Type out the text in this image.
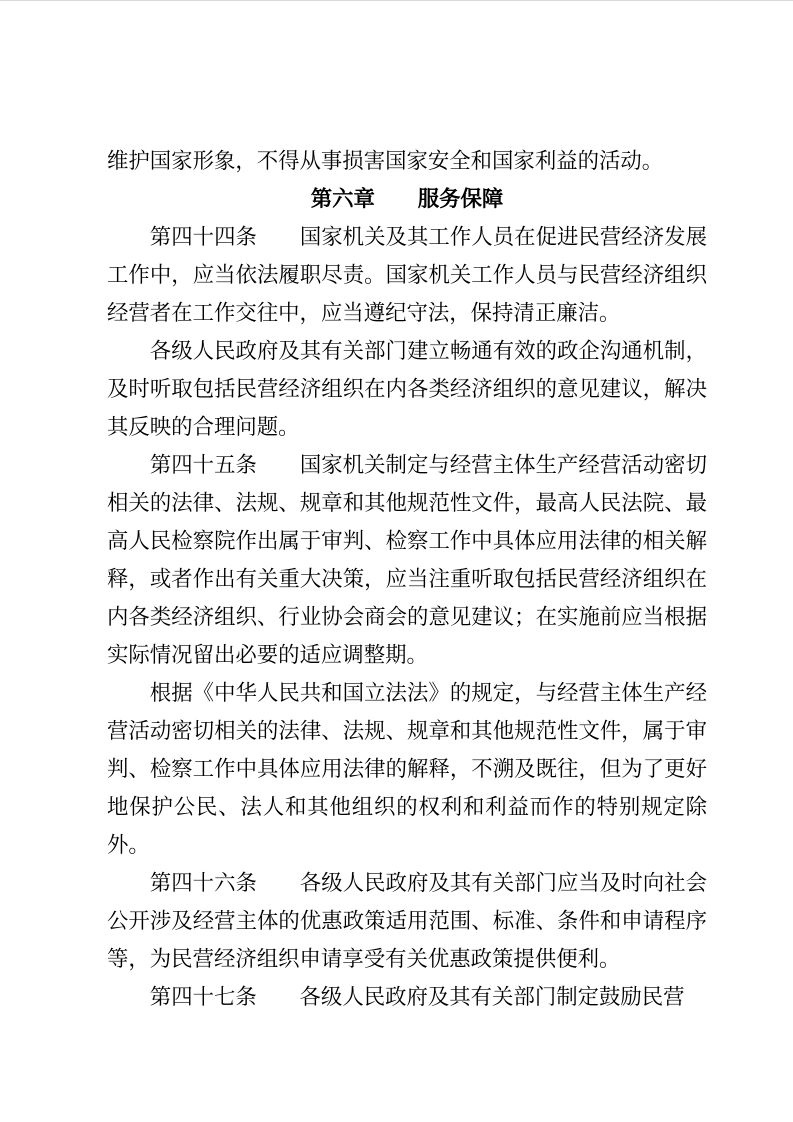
维护国家形象，不得从事损害国家安全和国家利益的活动。

第六章　　服务保障

第四十四条　　国家机关及其工作人员在促进民营经济发展工作中，应当依法履职尽责。国家机关工作人员与民营经济组织经营者在工作交往中，应当遵纪守法，保持清正廉洁。

各级人民政府及其有关部门建立畅通有效的政企沟通机制，及时听取包括民营经济组织在内各类经济组织的意见建议，解决其反映的合理问题。

第四十五条　　国家机关制定与经营主体生产经营活动密切相关的法律、法规、规章和其他规范性文件，最高人民法院、最高人民检察院作出属于审判、检察工作中具体应用法律的相关解释，或者作出有关重大决策，应当注重听取包括民营经济组织在内各类经济组织、行业协会商会的意见建议；在实施前应当根据实际情况留出必要的适应调整期。

根据《中华人民共和国立法法》的规定，与经营主体生产经营活动密切相关的法律、法规、规章和其他规范性文件，属于审判、检察工作中具体应用法律的解释，不溯及既往，但为了更好地保护公民、法人和其他组织的权利和利益而作的特别规定除外。

第四十六条　　各级人民政府及其有关部门应当及时向社会公开涉及经营主体的优惠政策适用范围、标准、条件和申请程序等，为民营经济组织申请享受有关优惠政策提供便利。

第四十七条　　各级人民政府及其有关部门制定鼓励民营
